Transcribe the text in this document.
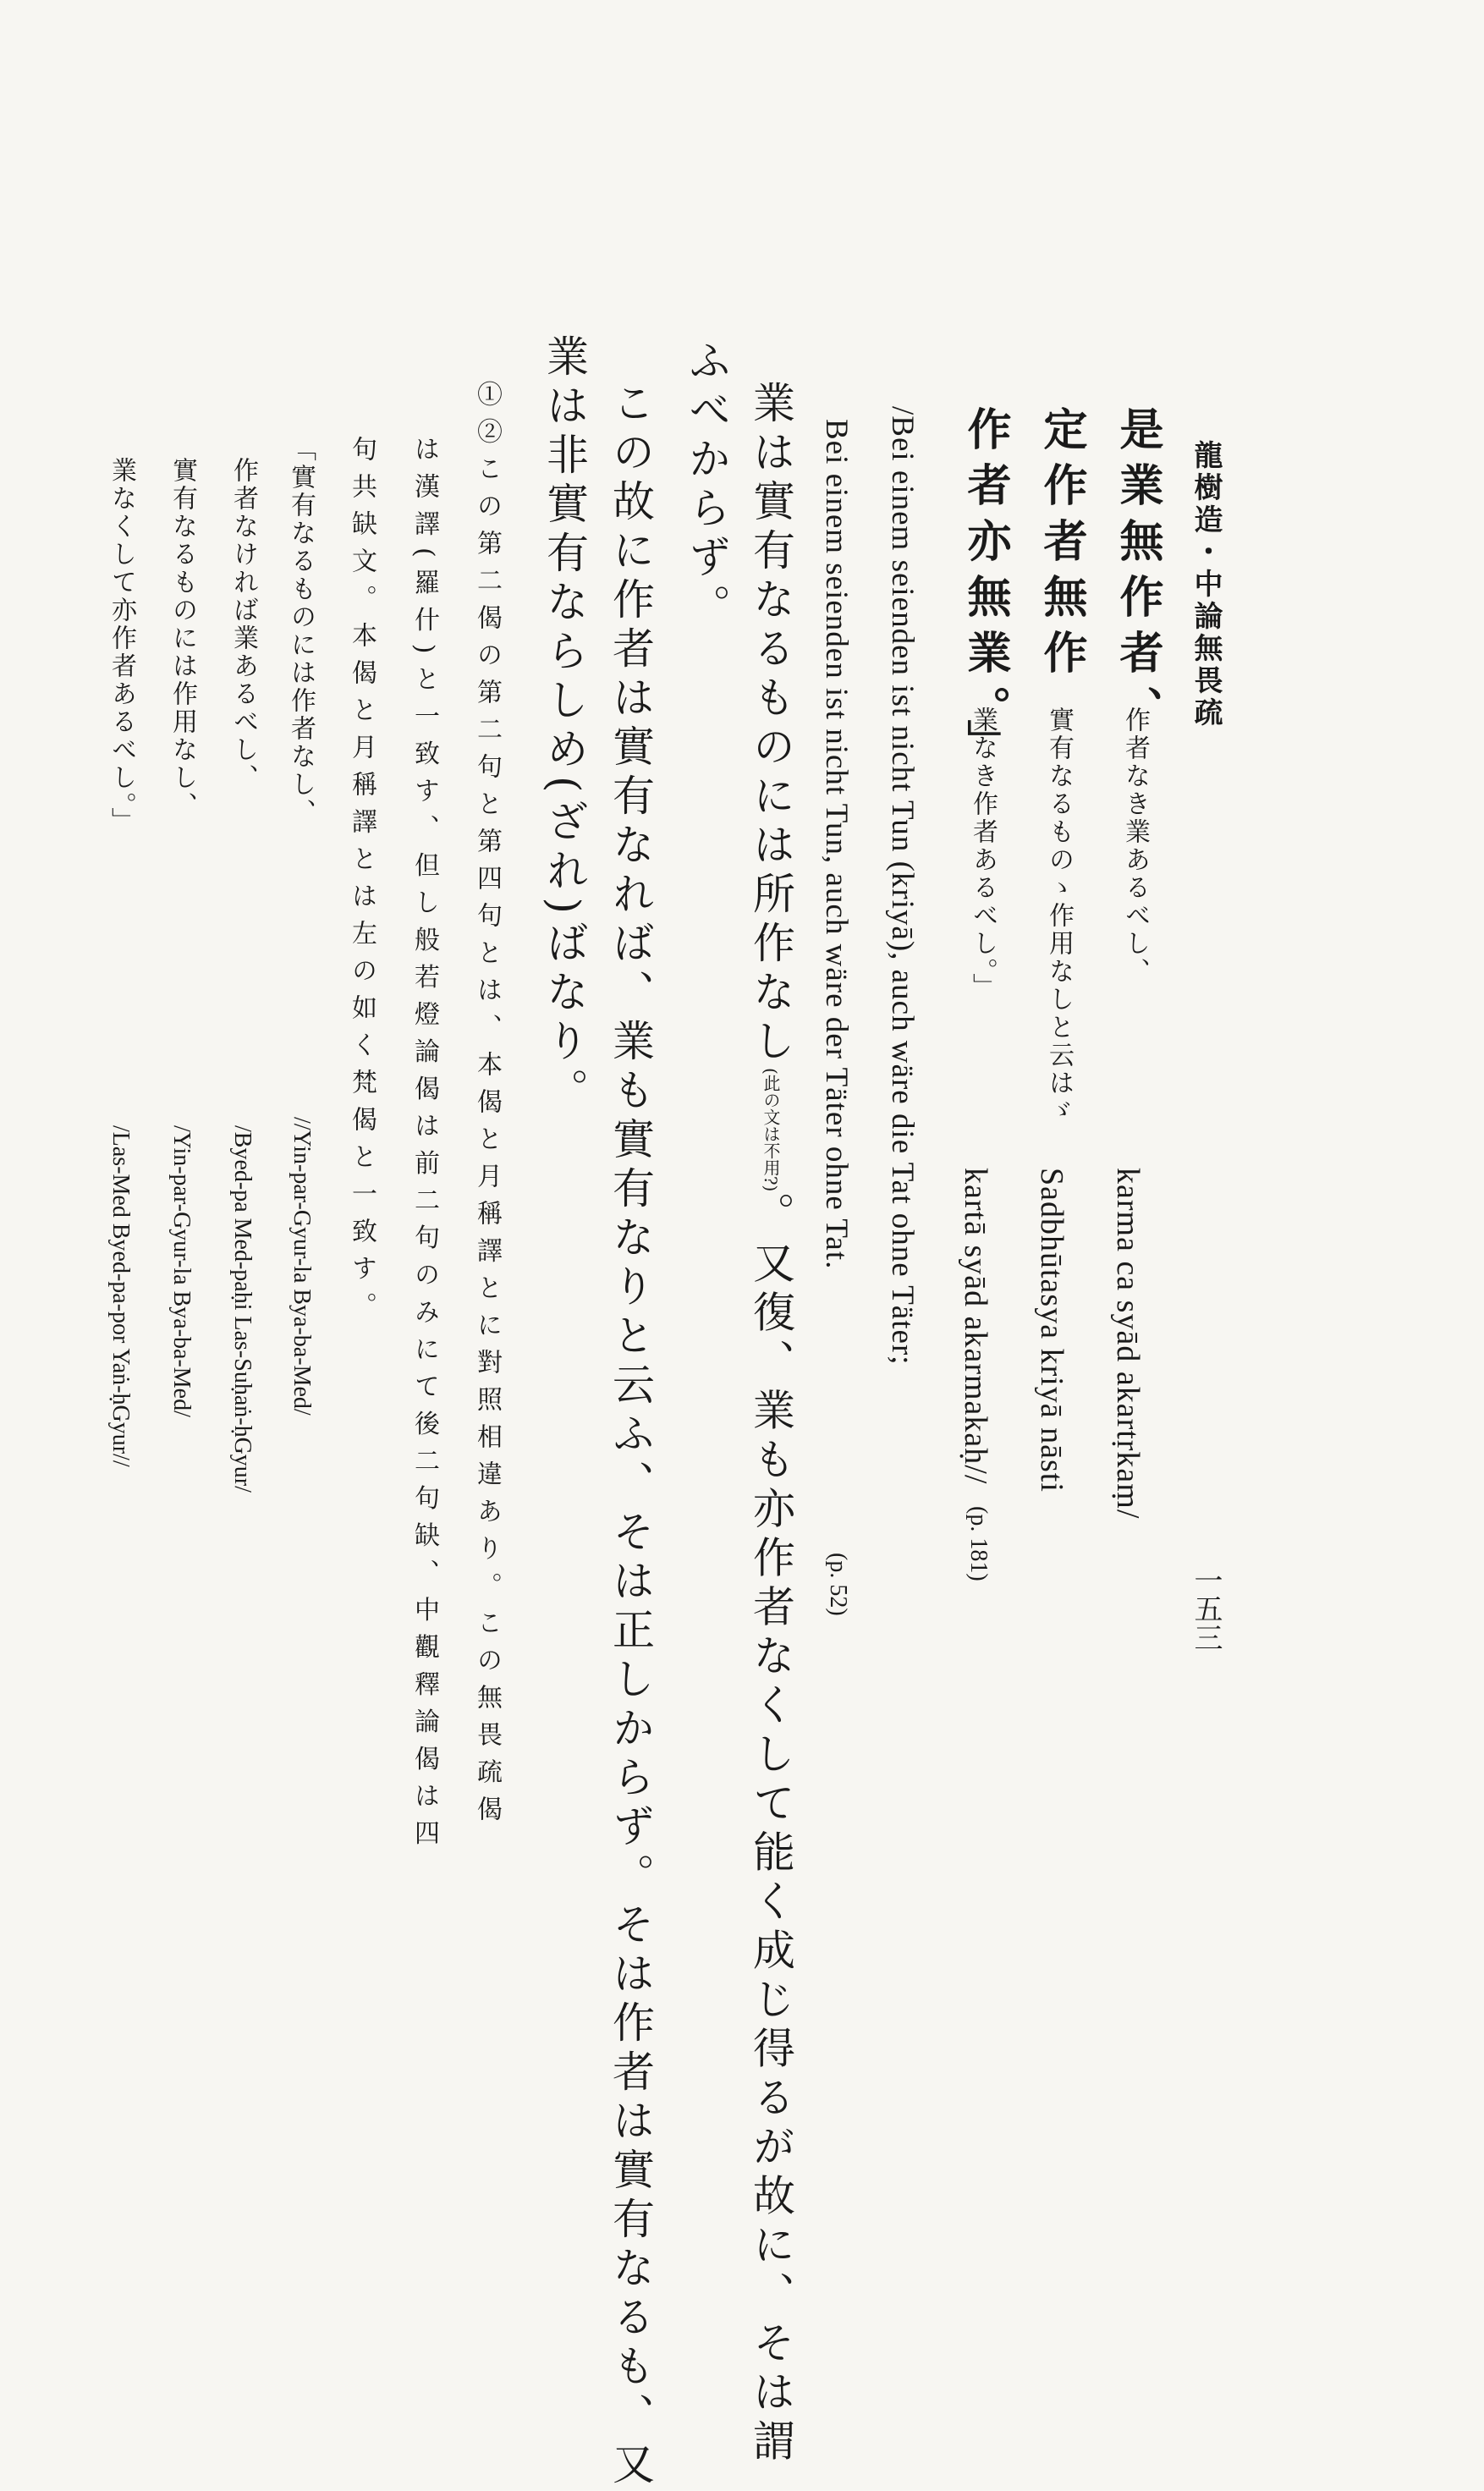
龍樹造・中論無畏疏
一五三
是業無作者、
作者なき業あるべし、
karma ca syād akartṛkaṃ/
定作者無作
實有なるものゝ作用なしと云はゞ
Sadbhūtasya kriyā nāsti
作者亦無業。」
業なき作者あるべし。」
kartā syād akarmakaḥ//
(p. 181)
/Bei einem seienden ist nicht Tun (kriyā), auch wäre die Tat ohne Täter;
Bei einem seienden ist nicht Tun, auch wäre der Täter ohne Tat.
(p. 52)
業は實有なるものには所作なし(此の文は不用?)。又復、業も亦作者なくして能く成じ得るが故に、そは謂
ふべからず。
この故に作者は實有なれば、業も實有なりと云ふ、そは正しからず。そは作者は實有なるも、又
業は非實有ならしめ(ざれ)ばなり。
①②この第二偈の第二句と第四句とは、本偈と月稱譯とに對照相違あり。この無畏疏偈
は漢譯(羅什)と一致す、但し般若燈論偈は前二句のみにて後二句缺、中觀釋論偈は四
句共缺文。本偈と月稱譯とは左の如く梵偈と一致す。
「實有なるものには作者なし、
//Yin-par-Gyur-la Bya-ba-Med/
作者なければ業あるべし、
/Byed-pa Med-paḥi Las-Suḥaṅ-ḥGyur/
實有なるものには作用なし、
/Yin-par-Gyur-la Bya-ba-Med/
業なくして亦作者あるべし。」
/Las-Med Byed-pa-por Yaṅ-ḥGyur//
